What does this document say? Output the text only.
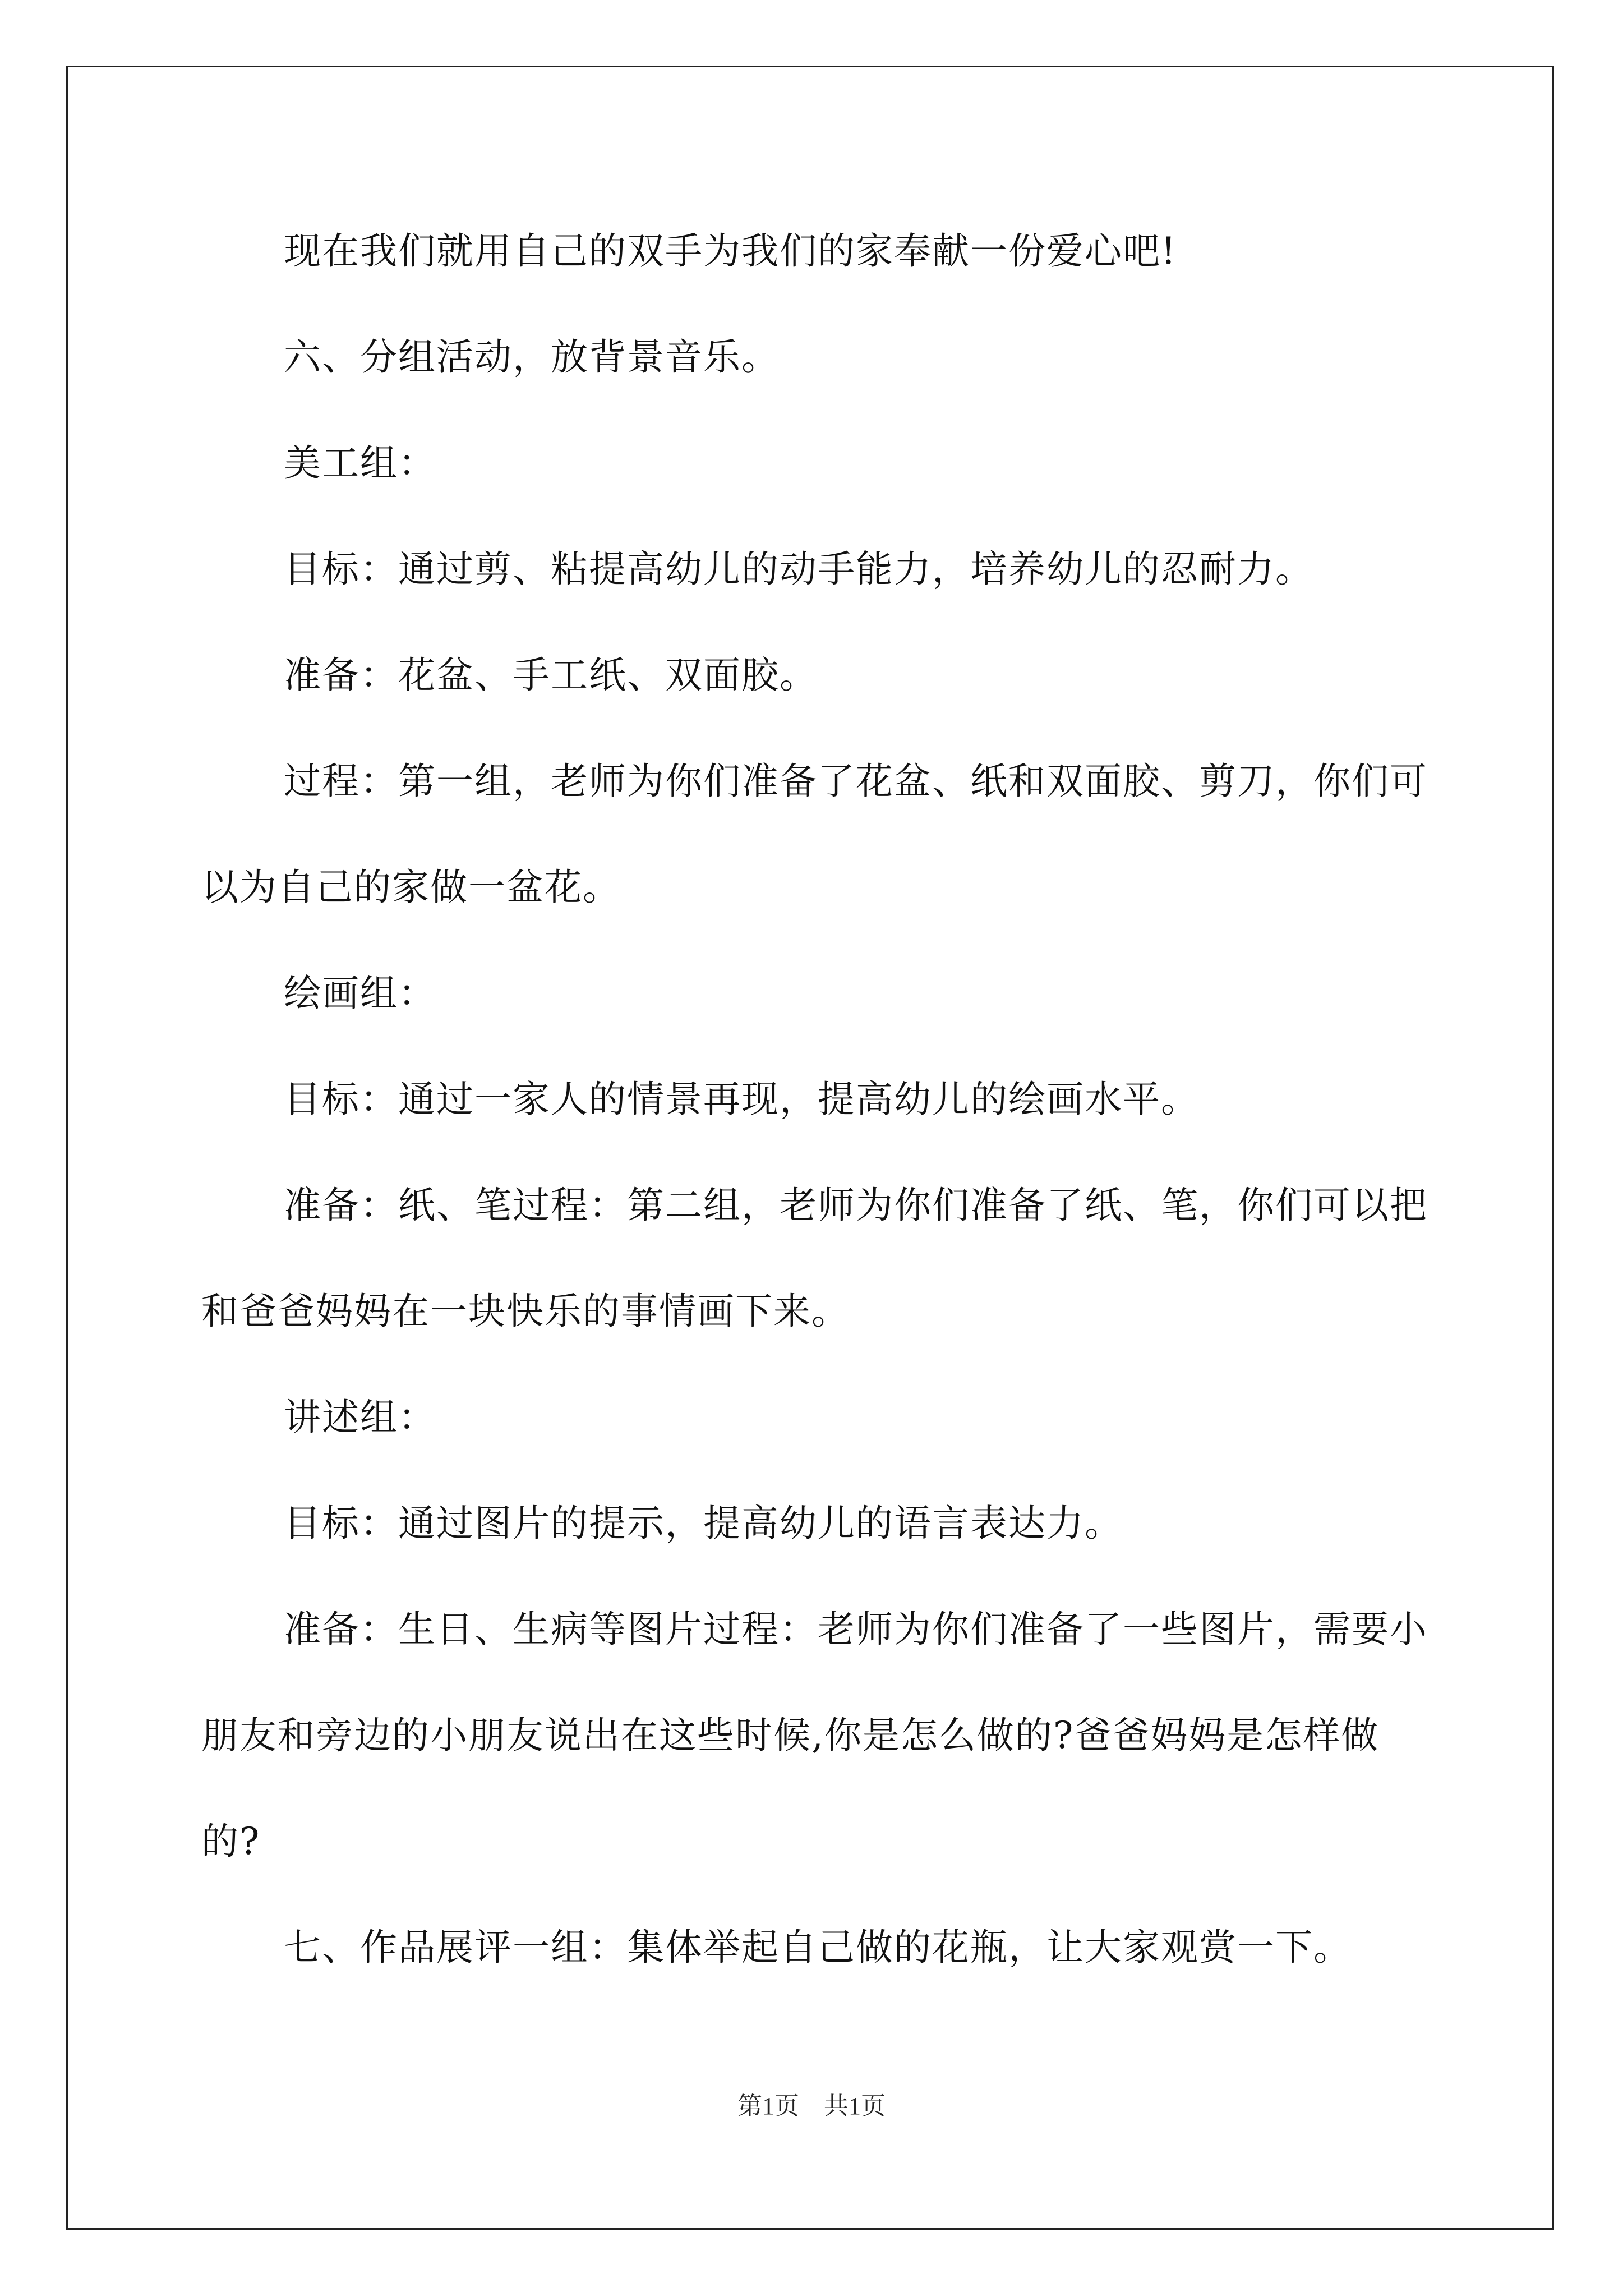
现在我们就用自己的双手为我们的家奉献一份爱心吧!

六、分组活动，放背景音乐。

美工组：

目标：通过剪、粘提高幼儿的动手能力，培养幼儿的忍耐力。

准备：花盆、手工纸、双面胶。

过程：第一组，老师为你们准备了花盆、纸和双面胶、剪刀，你们可以为自己的家做一盆花。

绘画组：

目标：通过一家人的情景再现，提高幼儿的绘画水平。

准备：纸、笔过程：第二组，老师为你们准备了纸、笔，你们可以把和爸爸妈妈在一块快乐的事情画下来。

讲述组：

目标：通过图片的提示，提高幼儿的语言表达力。

准备：生日、生病等图片过程：老师为你们准备了一些图片，需要小朋友和旁边的小朋友说出在这些时候,你是怎么做的?爸爸妈妈是怎样做的?

七、作品展评一组：集体举起自己做的花瓶，让大家观赏一下。

第1页　共1页
